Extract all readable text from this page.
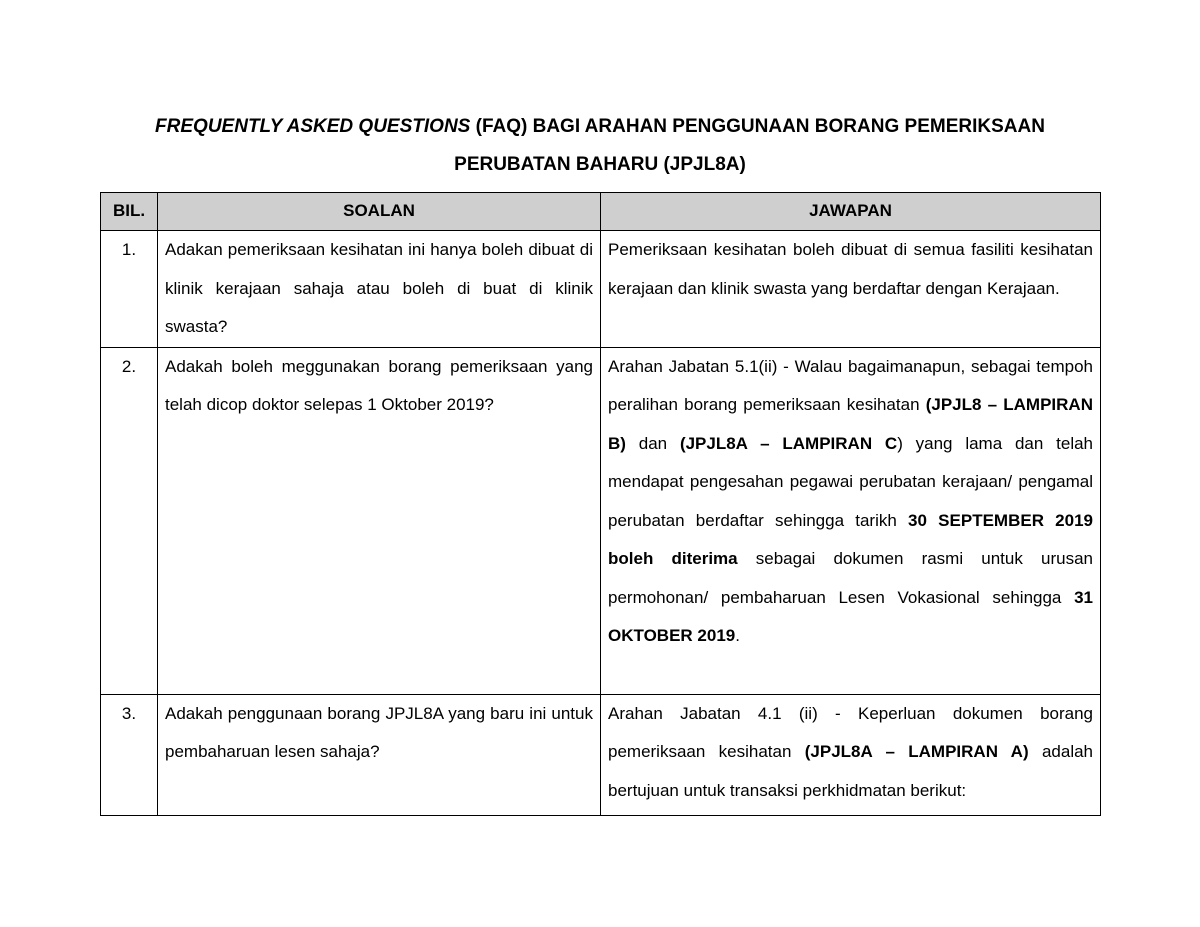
FREQUENTLY ASKED QUESTIONS (FAQ) BAGI ARAHAN PENGGUNAAN BORANG PEMERIKSAAN
PERUBATAN BAHARU (JPJL8A)
BIL.	SOALAN	JAWAPAN
1.	Adakan pemeriksaan kesihatan ini hanya boleh dibuat di klinik kerajaan sahaja atau boleh di buat di klinik swasta?	Pemeriksaan kesihatan boleh dibuat di semua fasiliti kesihatan kerajaan dan klinik swasta yang berdaftar dengan Kerajaan.
2.	Adakah boleh meggunakan borang pemeriksaan yang telah dicop doktor selepas 1 Oktober 2019?	Arahan Jabatan 5.1(ii) - Walau bagaimanapun, sebagai tempoh peralihan borang pemeriksaan kesihatan (JPJL8 – LAMPIRAN B) dan (JPJL8A – LAMPIRAN C) yang lama dan telah mendapat pengesahan pegawai perubatan kerajaan/ pengamal perubatan berdaftar sehingga tarikh 30 SEPTEMBER 2019 boleh diterima sebagai dokumen rasmi untuk urusan permohonan/ pembaharuan Lesen Vokasional sehingga 31 OKTOBER 2019.
3.	Adakah penggunaan borang JPJL8A yang baru ini untuk pembaharuan lesen sahaja?	Arahan Jabatan 4.1 (ii) - Keperluan dokumen borang pemeriksaan kesihatan (JPJL8A – LAMPIRAN A) adalah bertujuan untuk transaksi perkhidmatan berikut:
